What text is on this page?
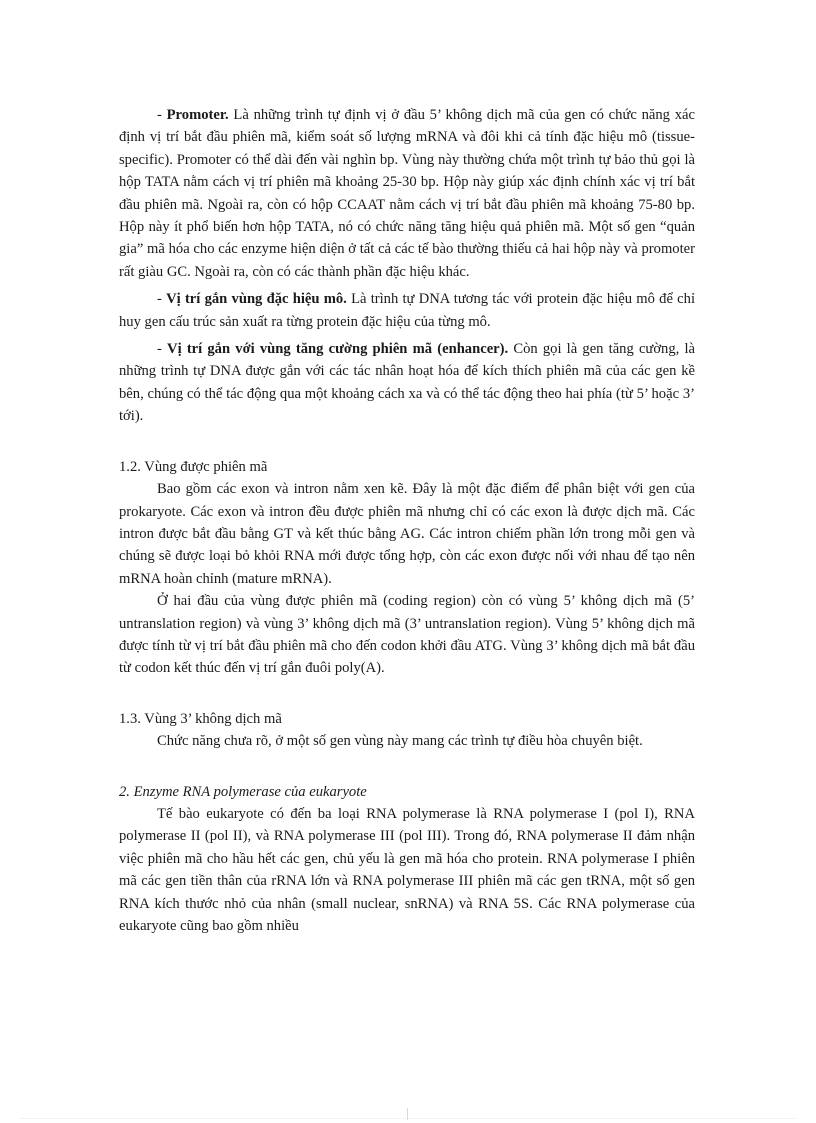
- Promoter. Là những trình tự định vị ở đầu 5’ không dịch mã của gen có chức năng xác định vị trí bắt đầu phiên mã, kiểm soát số lượng mRNA và đôi khi cả tính đặc hiệu mô (tissue-specific). Promoter có thể dài đến vài nghìn bp. Vùng này thường chứa một trình tự bảo thủ gọi là hộp TATA nằm cách vị trí phiên mã khoảng 25-30 bp. Hộp này giúp xác định chính xác vị trí bắt đầu phiên mã. Ngoài ra, còn có hộp CCAAT nằm cách vị trí bắt đầu phiên mã khoảng 75-80 bp. Hộp này ít phổ biến hơn hộp TATA, nó có chức năng tăng hiệu quả phiên mã. Một số gen “quản gia” mã hóa cho các enzyme hiện diện ở tất cả các tế bào thường thiếu cả hai hộp này và promoter rất giàu GC. Ngoài ra, còn có các thành phần đặc hiệu khác.

- Vị trí gắn vùng đặc hiệu mô. Là trình tự DNA tương tác với protein đặc hiệu mô để chỉ huy gen cấu trúc sản xuất ra từng protein đặc hiệu của từng mô.

- Vị trí gắn với vùng tăng cường phiên mã (enhancer). Còn gọi là gen tăng cường, là những trình tự DNA được gắn với các tác nhân hoạt hóa để kích thích phiên mã của các gen kề bên, chúng có thể tác động qua một khoảng cách xa và có thể tác động theo hai phía (từ 5’ hoặc 3’ tới).

1.2. Vùng được phiên mã

Bao gồm các exon và intron nằm xen kẽ. Đây là một đặc điểm để phân biệt với gen của prokaryote. Các exon và intron đều được phiên mã nhưng chỉ có các exon là được dịch mã. Các intron được bắt đầu bằng GT và kết thúc bằng AG. Các intron chiếm phần lớn trong mỗi gen và chúng sẽ được loại bỏ khỏi RNA mới được tổng hợp, còn các exon được nối với nhau để tạo nên mRNA hoàn chỉnh (mature mRNA).

Ở hai đầu của vùng được phiên mã (coding region) còn có vùng 5’ không dịch mã (5’ untranslation region) và vùng 3’ không dịch mã (3’ untranslation region). Vùng 5’ không dịch mã được tính từ vị trí bắt đầu phiên mã cho đến codon khởi đầu ATG. Vùng 3’ không dịch mã bắt đầu từ codon kết thúc đến vị trí gắn đuôi poly(A).

1.3. Vùng 3’ không dịch mã

Chức năng chưa rõ, ở một số gen vùng này mang các trình tự điều hòa chuyên biệt.

2. Enzyme RNA polymerase của eukaryote

Tế bào eukaryote có đến ba loại RNA polymerase là RNA polymerase I (pol I), RNA polymerase II (pol II), và RNA polymerase III (pol III). Trong đó, RNA polymerase II đảm nhận việc phiên mã cho hầu hết các gen, chủ yếu là gen mã hóa cho protein. RNA polymerase I phiên mã các gen tiền thân của rRNA lớn và RNA polymerase III phiên mã các gen tRNA, một số gen RNA kích thước nhỏ của nhân (small nuclear, snRNA) và RNA 5S. Các RNA polymerase của eukaryote cũng bao gồm nhiều
